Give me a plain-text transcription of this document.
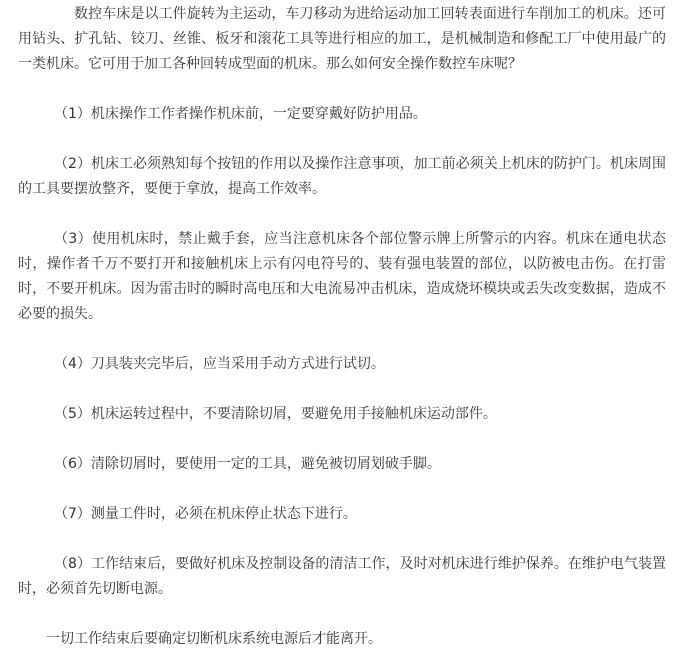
数控车床是以工件旋转为主运动，车刀移动为进给运动加工回转表面进行车削加工的机床。还可用钻头、扩孔钻、铰刀、丝锥、板牙和滚花工具等进行相应的加工，是机械制造和修配工厂中使用最广的一类机床。它可用于加工各种回转成型面的机床。那么如何安全操作数控车床呢？

（1）机床操作工作者操作机床前，一定要穿戴好防护用品。

（2）机床工必须熟知每个按钮的作用以及操作注意事项，加工前必须关上机床的防护门。机床周围的工具要摆放整齐，要便于拿放，提高工作效率。

（3）使用机床时，禁止戴手套，应当注意机床各个部位警示牌上所警示的内容。机床在通电状态时，操作者千万不要打开和接触机床上示有闪电符号的、装有强电装置的部位，以防被电击伤。在打雷时，不要开机床。因为雷击时的瞬时高电压和大电流易冲击机床，造成烧坏模块或丢失改变数据，造成不必要的损失。

（4）刀具装夹完毕后，应当采用手动方式进行试切。

（5）机床运转过程中，不要清除切屑，要避免用手接触机床运动部件。

（6）清除切屑时，要使用一定的工具，避免被切屑划破手脚。

（7）测量工件时，必须在机床停止状态下进行。

（8）工作结束后，要做好机床及控制设备的清洁工作，及时对机床进行维护保养。在维护电气装置时，必须首先切断电源。

一切工作结束后要确定切断机床系统电源后才能离开。
